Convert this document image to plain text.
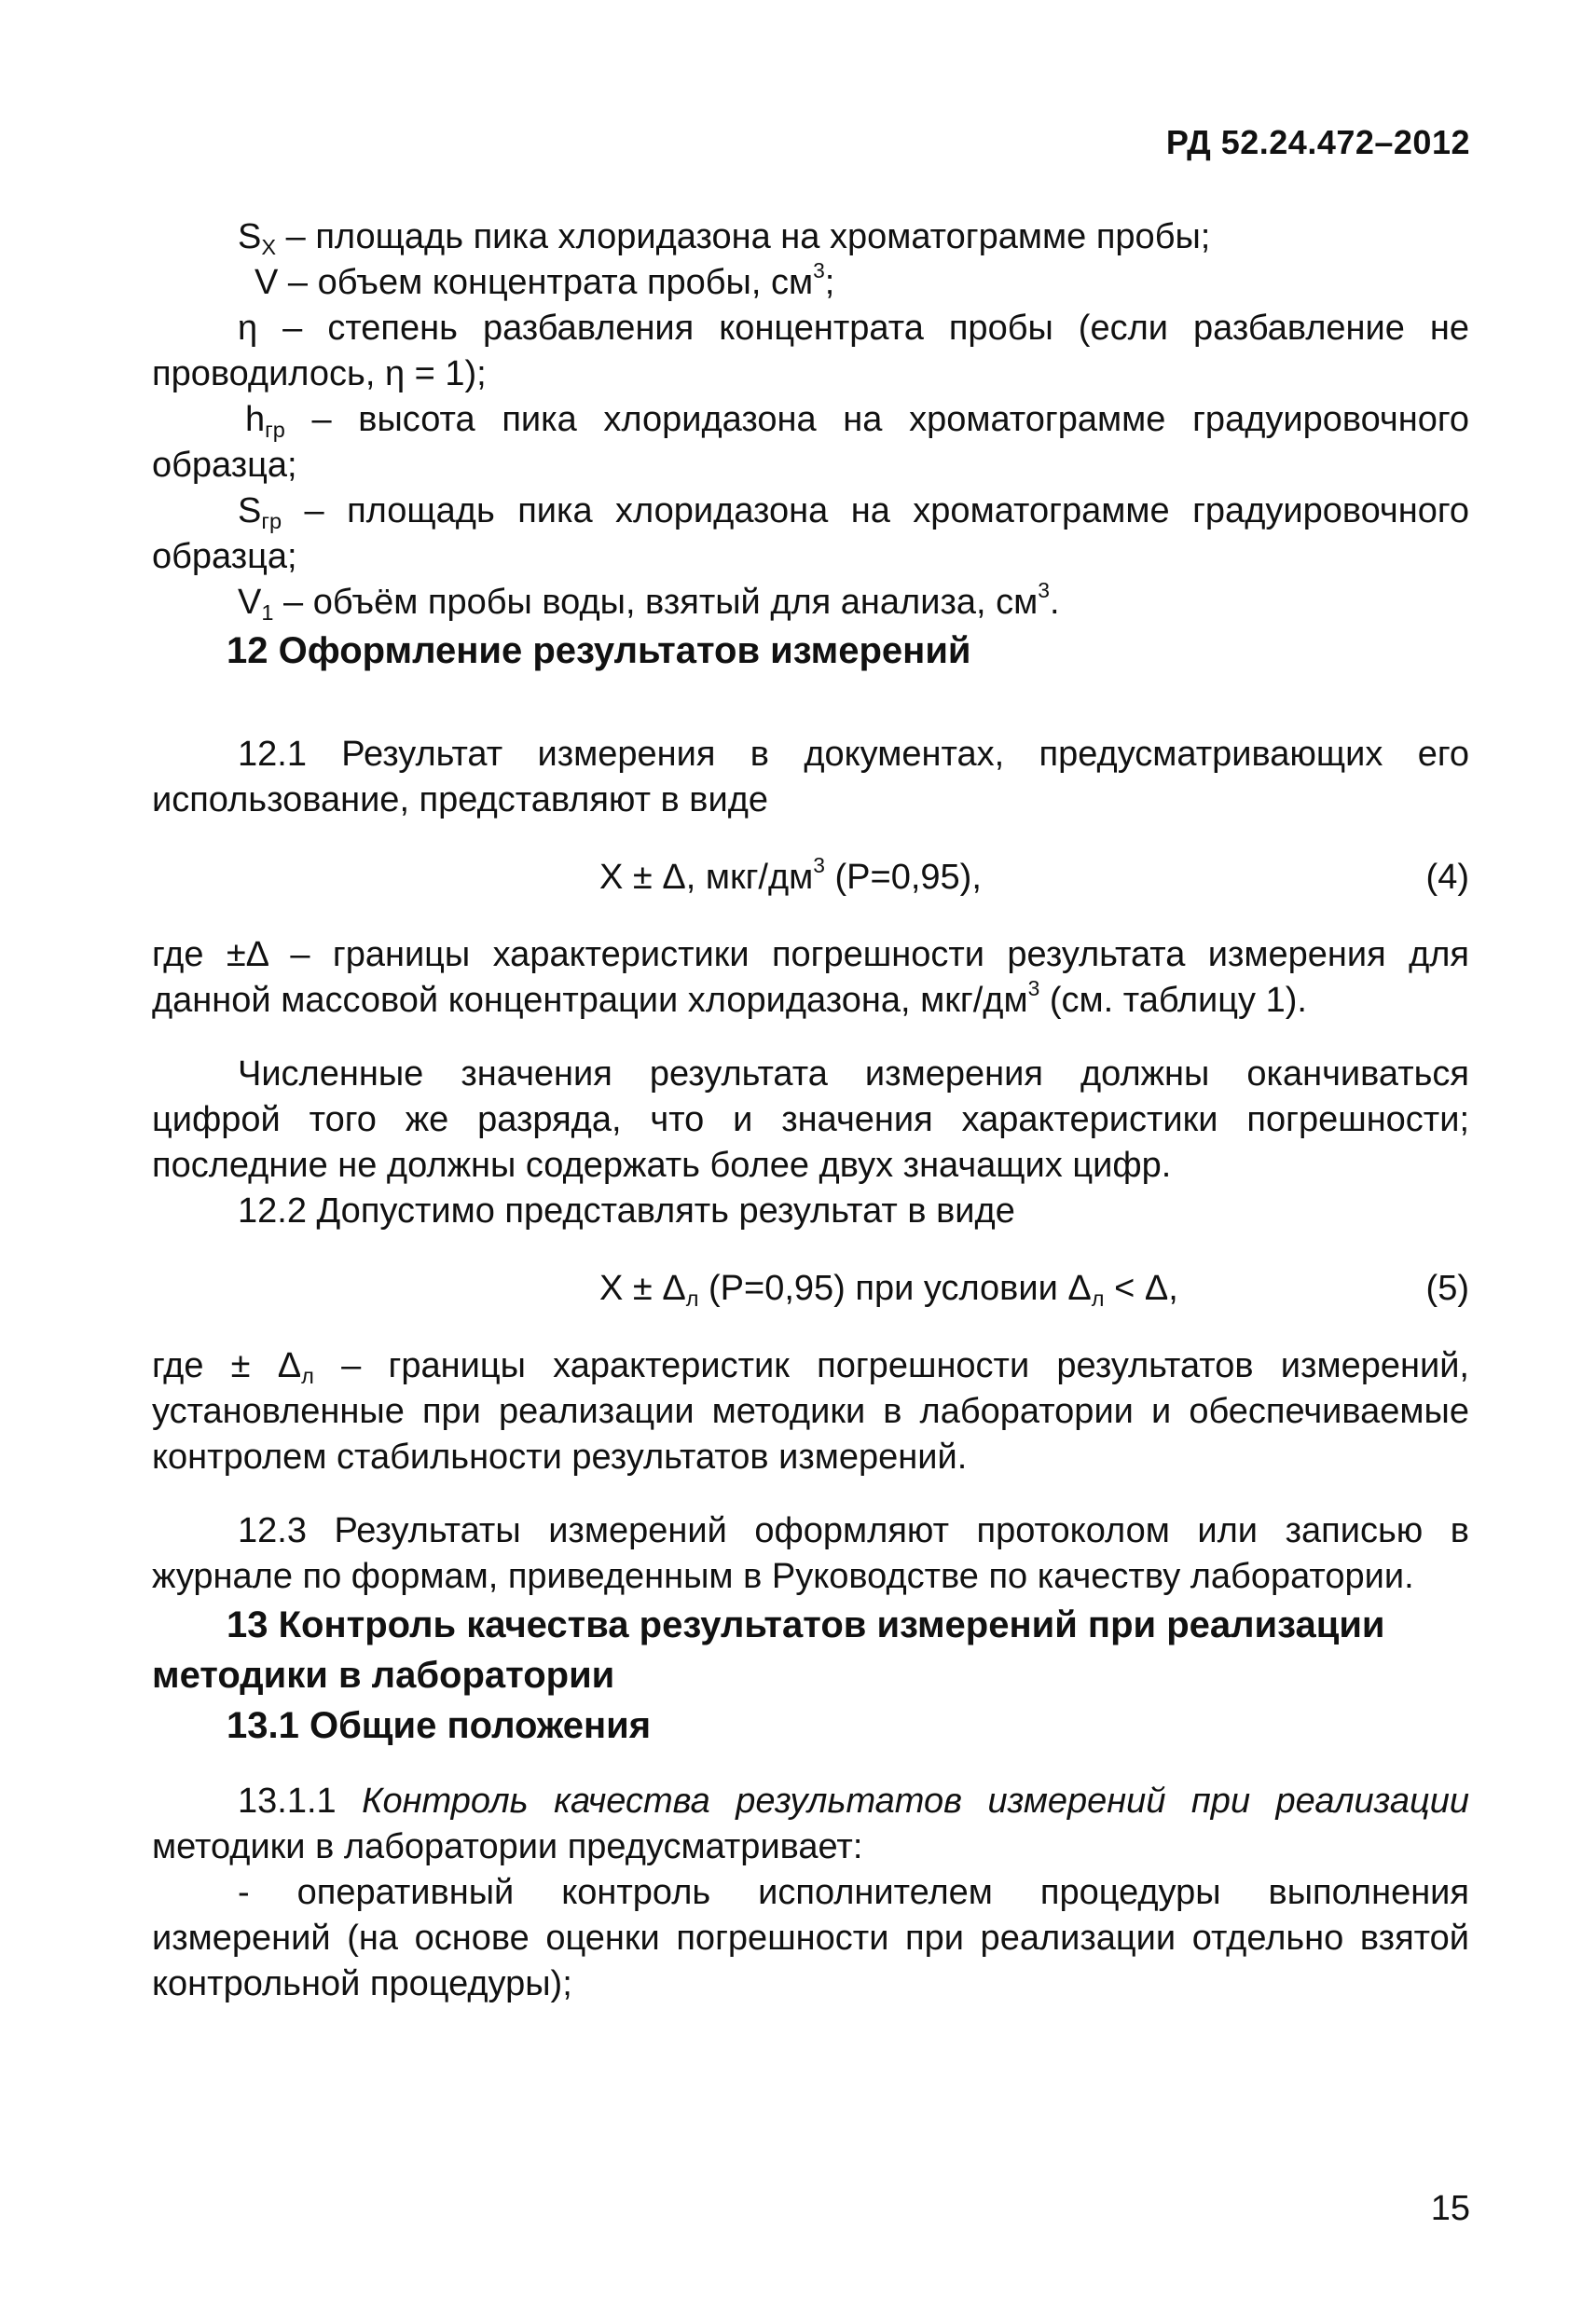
РД 52.24.472–2012

$S_X$ – площадь пика хлоридазона на хроматограмме пробы;

V – объем концентрата пробы, $см^3$;

η – степень разбавления концентрата пробы (если разбавление не проводилось, η = 1);

$h_{гр}$ – высота пика хлоридазона на хроматограмме градуировочного образца;

$S_{гр}$ – площадь пика хлоридазона на хроматограмме градуировочного образца;

$V_1$ – объём пробы воды, взятый для анализа, $см^3$.

12 Оформление результатов измерений

12.1 Результат измерения в документах, предусматривающих его использование, представляют в виде

X ± Δ, мкг/$дм^3$ (P=0,95),	(4)

где ±Δ – границы характеристики погрешности результата измерения для данной массовой концентрации хлоридазона, мкг/$дм^3$ (см. таблицу 1).

Численные значения результата измерения должны оканчиваться цифрой того же разряда, что и значения характеристики погрешности; последние не должны содержать более двух значащих цифр.

12.2 Допустимо представлять результат в виде

$X \pm \Delta_л$ (P=0,95) при условии $\Delta_л < \Delta$,	(5)

где ± $\Delta_л$ – границы характеристик погрешности результатов измерений, установленные при реализации методики в лаборатории и обеспечиваемые контролем стабильности результатов измерений.

12.3 Результаты измерений оформляют протоколом или записью в журнале по формам, приведенным в Руководстве по качеству лаборатории.

13 Контроль качества результатов измерений при реализации
методики в лаборатории
13.1 Общие положения

13.1.1 Контроль качества результатов измерений при реализации методики в лаборатории предусматривает:

- оперативный контроль исполнителем процедуры выполнения измерений (на основе оценки погрешности при реализации отдельно взятой контрольной процедуры);

15
